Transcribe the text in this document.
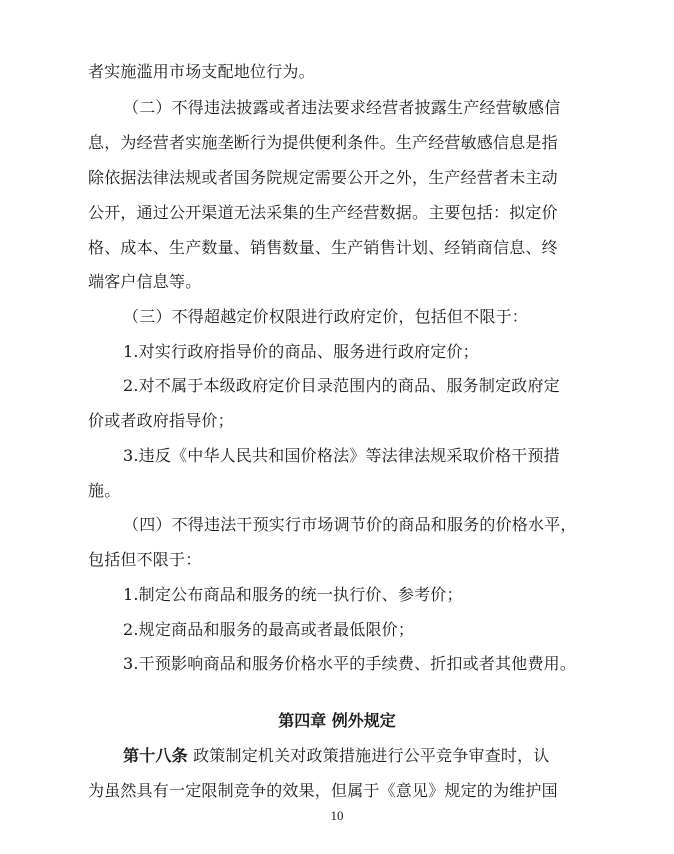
者实施滥用市场支配地位行为。
（二）不得违法披露或者违法要求经营者披露生产经营敏感信
息，为经营者实施垄断行为提供便利条件。生产经营敏感信息是指
除依据法律法规或者国务院规定需要公开之外，生产经营者未主动
公开，通过公开渠道无法采集的生产经营数据。主要包括：拟定价
格、成本、生产数量、销售数量、生产销售计划、经销商信息、终
端客户信息等。
（三）不得超越定价权限进行政府定价，包括但不限于：
1.对实行政府指导价的商品、服务进行政府定价；
2.对不属于本级政府定价目录范围内的商品、服务制定政府定
价或者政府指导价；
3.违反《中华人民共和国价格法》等法律法规采取价格干预措
施。
（四）不得违法干预实行市场调节价的商品和服务的价格水平，
包括但不限于：
1.制定公布商品和服务的统一执行价、参考价；
2.规定商品和服务的最高或者最低限价；
3.干预影响商品和服务价格水平的手续费、折扣或者其他费用。
第四章 例外规定
第十八条 政策制定机关对政策措施进行公平竞争审查时，认
为虽然具有一定限制竞争的效果，但属于《意见》规定的为维护国
10
